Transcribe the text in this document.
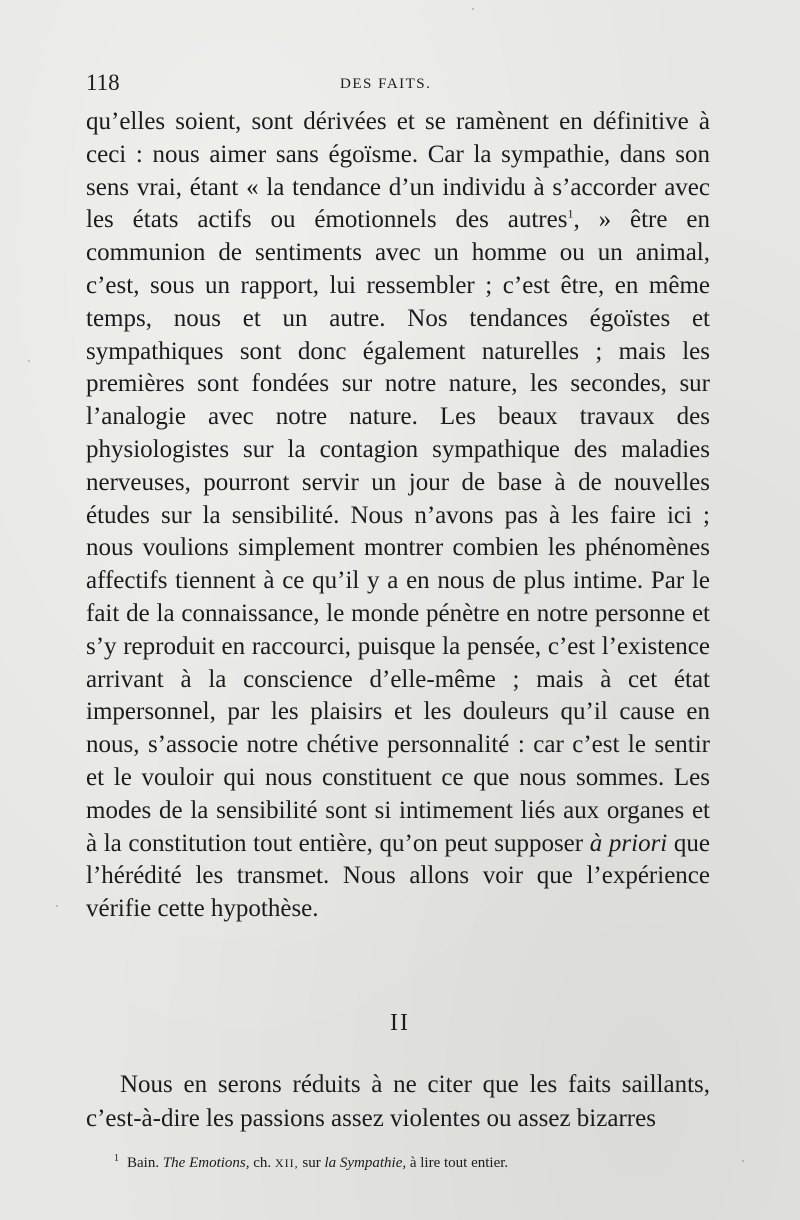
118	DES FAITS.

qu’elles soient, sont dérivées et se ramènent en définitive à ceci : nous aimer sans égoïsme. Car la sympathie, dans son sens vrai, étant « la tendance d’un individu à s’accorder avec les états actifs ou émotionnels des autres$^1$, » être en communion de sentiments avec un homme ou un animal, c’est, sous un rapport, lui ressembler ; c’est être, en même temps, nous et un autre. Nos tendances égoïstes et sympathiques sont donc également naturelles ; mais les premières sont fondées sur notre nature, les secondes, sur l’analogie avec notre nature. Les beaux travaux des physiologistes sur la contagion sympathique des maladies nerveuses, pourront servir un jour de base à de nouvelles études sur la sensibilité. Nous n’avons pas à les faire ici ; nous voulions simplement montrer combien les phénomènes affectifs tiennent à ce qu’il y a en nous de plus intime. Par le fait de la connaissance, le monde pénètre en notre personne et s’y reproduit en raccourci, puisque la pensée, c’est l’existence arrivant à la conscience d’elle-même ; mais à cet état impersonnel, par les plaisirs et les douleurs qu’il cause en nous, s’associe notre chétive personnalité : car c’est le sentir et le vouloir qui nous constituent ce que nous sommes. Les modes de la sensibilité sont si intimement liés aux organes et à la constitution tout entière, qu’on peut supposer à priori que l’hérédité les transmet. Nous allons voir que l’expérience vérifie cette hypothèse.

II

Nous en serons réduits à ne citer que les faits saillants, c’est-à-dire les passions assez violentes ou assez bizarres

$^1$ Bain. The Emotions, ch. XII, sur la Sympathie, à lire tout entier.
